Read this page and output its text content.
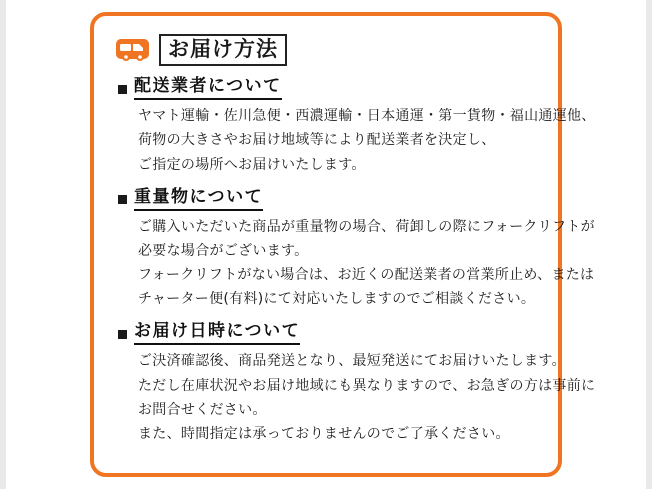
お届け方法
配送業者について
ヤマト運輸・佐川急便・西濃運輸・日本通運・第一貨物・福山通運他、
荷物の大きさやお届け地域等により配送業者を決定し、
ご指定の場所へお届けいたします。
重量物について
ご購入いただいた商品が重量物の場合、荷卸しの際にフォークリフトが
必要な場合がございます。
フォークリフトがない場合は、お近くの配送業者の営業所止め、または
チャーター便(有料)にて対応いたしますのでご相談ください。
お届け日時について
ご決済確認後、商品発送となり、最短発送にてお届けいたします。
ただし在庫状況やお届け地域にも異なりますので、お急ぎの方は事前に
お問合せください。
また、時間指定は承っておりませんのでご了承ください。
